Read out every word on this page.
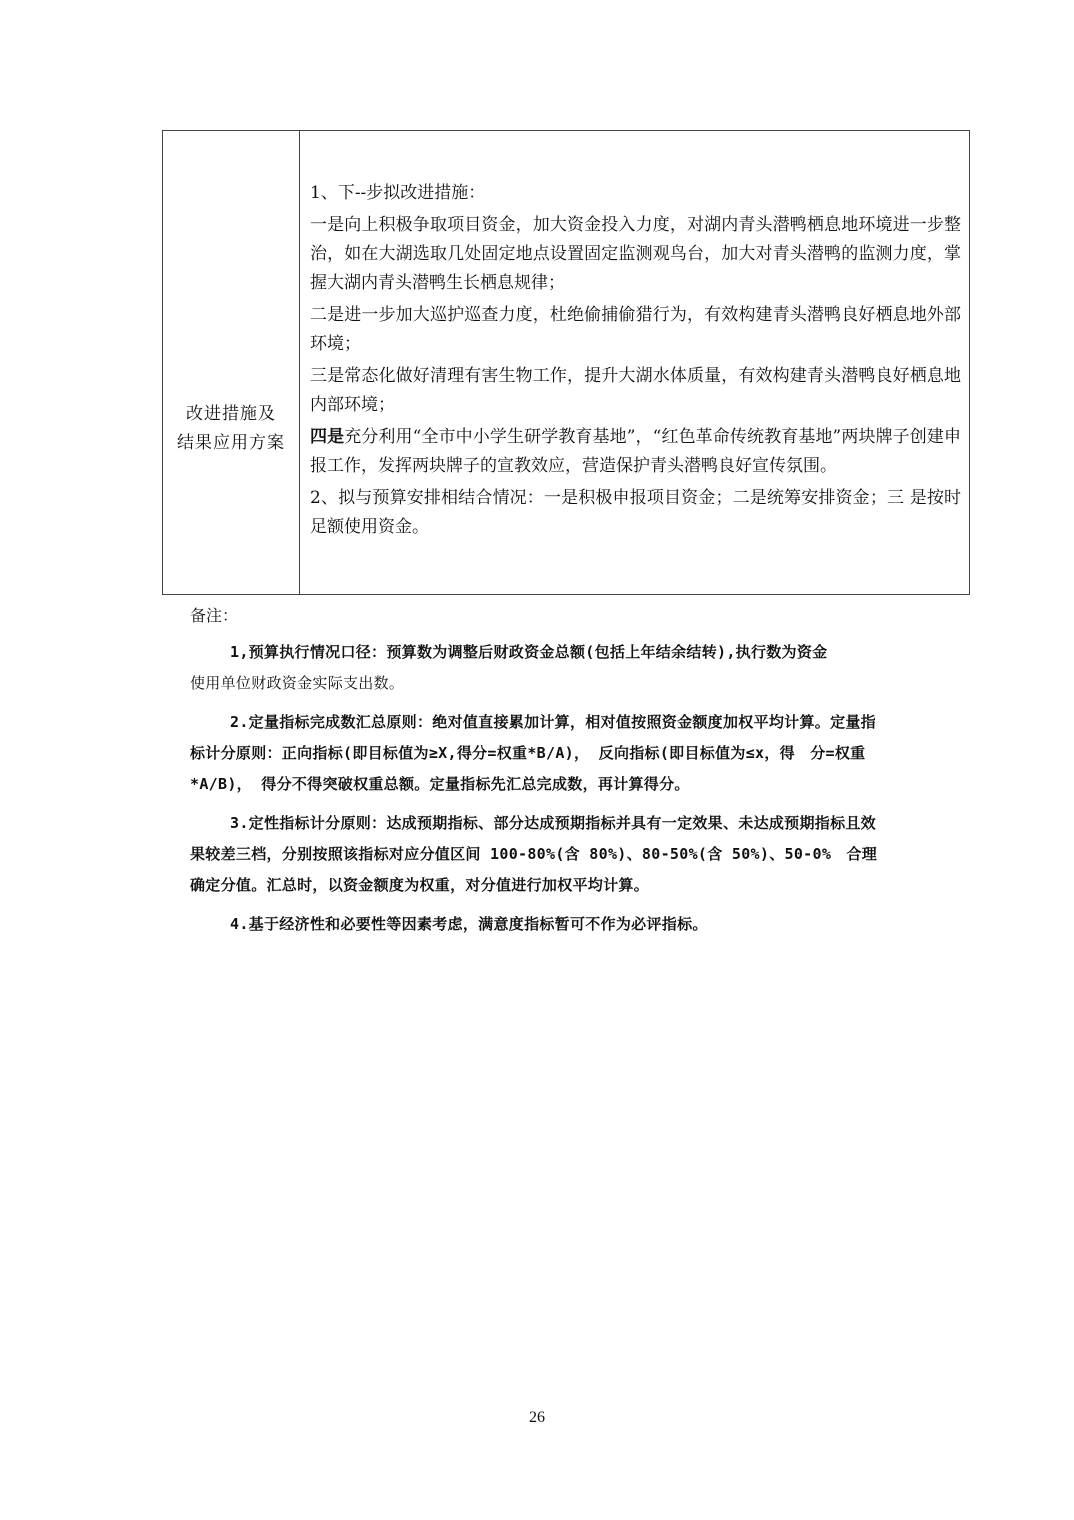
改进措施及
结果应用方案

1、下--步拟改进措施：

一是向上积极争取项目资金，加大资金投入力度，对湖内青头潜鸭栖息地环境进一步整治，如在大湖选取几处固定地点设置固定监测观鸟台，加大对青头潜鸭的监测力度，掌握大湖内青头潜鸭生长栖息规律；

二是进一步加大巡护巡查力度，杜绝偷捕偷猎行为，有效构建青头潜鸭良好栖息地外部环境；

三是常态化做好清理有害生物工作，提升大湖水体质量，有效构建青头潜鸭良好栖息地内部环境；

四是充分利用“全市中小学生研学教育基地”，“红色革命传统教育基地”两块牌子创建申报工作，发挥两块牌子的宣教效应，营造保护青头潜鸭良好宣传氛围。

2、拟与预算安排相结合情况：一是积极申报项目资金；二是统筹安排资金；三 是按时足额使用资金。

备注：

1,预算执行情况口径：预算数为调整后财政资金总额(包括上年结余结转),执行数为资金
使用单位财政资金实际支出数。

2.定量指标完成数汇总原则：绝对值直接累加计算，相对值按照资金额度加权平均计算。定量指标计分原则：正向指标(即目标值为≥X,得分=权重*B/A)， 反向指标(即目标值为≤x，得　分=权重*A/B)， 得分不得突破权重总额。定量指标先汇总完成数，再计算得分。

3.定性指标计分原则：达成预期指标、部分达成预期指标并具有一定效果、未达成预期指标且效果较差三档，分别按照该指标对应分值区间 100-80%(含 80%)、80-50%(含 50%)、50-0%　合理确定分值。汇总时，以资金额度为权重，对分值进行加权平均计算。

4.基于经济性和必要性等因素考虑，满意度指标暂可不作为必评指标。

26
